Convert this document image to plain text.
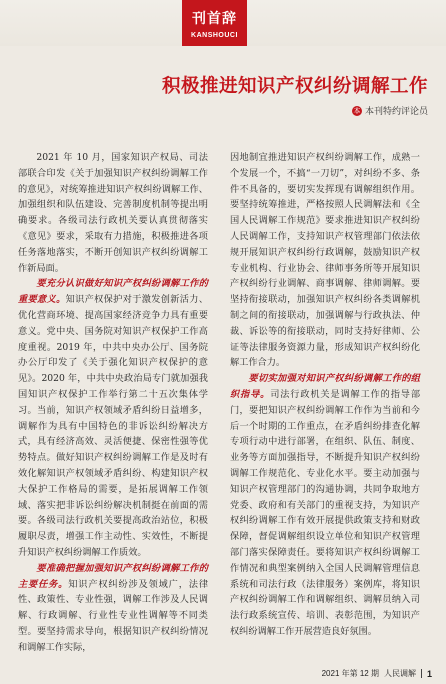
刊首辞
KANSHOUCI
积极推进知识产权纠纷调解工作
本 本刊特约评论员

2021 年 10 月，国家知识产权局、司法部联合印发《关于加强知识产权纠纷调解工作的意见》，对统筹推进知识产权纠纷调解工作、加强组织和队伍建设、完善制度机制等提出明确要求。各级司法行政机关要认真贯彻落实《意见》要求，采取有力措施，积极推进各项任务落地落实，不断开创知识产权纠纷调解工作新局面。

要充分认识做好知识产权纠纷调解工作的重要意义。知识产权保护对于激发创新活力、优化营商环境、提高国家经济竞争力具有重要意义。党中央、国务院对知识产权保护工作高度重视。2019 年，中共中央办公厅、国务院办公厅印发了《关于强化知识产权保护的意见》。2020 年，中共中央政治局专门就加强我国知识产权保护工作举行第二十五次集体学习。当前，知识产权领域矛盾纠纷日益增多，调解作为具有中国特色的非诉讼纠纷解决方式，具有经济高效、灵活便捷、保密性强等优势特点。做好知识产权纠纷调解工作是及时有效化解知识产权领域矛盾纠纷、构建知识产权大保护工作格局的需要，是拓展调解工作领域、落实把非诉讼纠纷解决机制挺在前面的需要。各级司法行政机关要提高政治站位，积极履职尽责，增强工作主动性、实效性，不断提升知识产权纠纷调解工作质效。

要准确把握加强知识产权纠纷调解工作的主要任务。知识产权纠纷涉及领域广，法律性、政策性、专业性强，调解工作涉及人民调解、行政调解、行业性专业性调解等不同类型。要坚持需求导向，根据知识产权纠纷情况和调解工作实际，

因地制宜推进知识产权纠纷调解工作，成熟一个发展一个，不搞“一刀切”，对纠纷不多、条件不具备的，要切实发挥现有调解组织作用。要坚持统筹推进，严格按照人民调解法和《全国人民调解工作规范》要求推进知识产权纠纷人民调解工作，支持知识产权管理部门依法依规开展知识产权纠纷行政调解，鼓励知识产权专业机构、行业协会、律师事务所等开展知识产权纠纷行业调解、商事调解、律师调解。要坚持衔接联动，加强知识产权纠纷各类调解机制之间的衔接联动，加强调解与行政执法、仲裁、诉讼等的衔接联动，同时支持好律师、公证等法律服务资源力量，形成知识产权纠纷化解工作合力。

要切实加强对知识产权纠纷调解工作的组织指导。司法行政机关是调解工作的指导部门，要把知识产权纠纷调解工作作为当前和今后一个时期的工作重点，在矛盾纠纷排查化解专项行动中进行部署，在组织、队伍、制度、业务等方面加强指导，不断提升知识产权纠纷调解工作规范化、专业化水平。要主动加强与知识产权管理部门的沟通协调，共同争取地方党委、政府和有关部门的重视支持，为知识产权纠纷调解工作有效开展提供政策支持和财政保障，督促调解组织设立单位和知识产权管理部门落实保障责任。要将知识产权纠纷调解工作情况和典型案例纳入全国人民调解管理信息系统和司法行政（法律服务）案例库，将知识产权纠纷调解工作和调解组织、调解员纳入司法行政系统宣传、培训、表彰范围，为知识产权纠纷调解工作开展营造良好氛围。

2021 年第 12 期 人民调解 1
